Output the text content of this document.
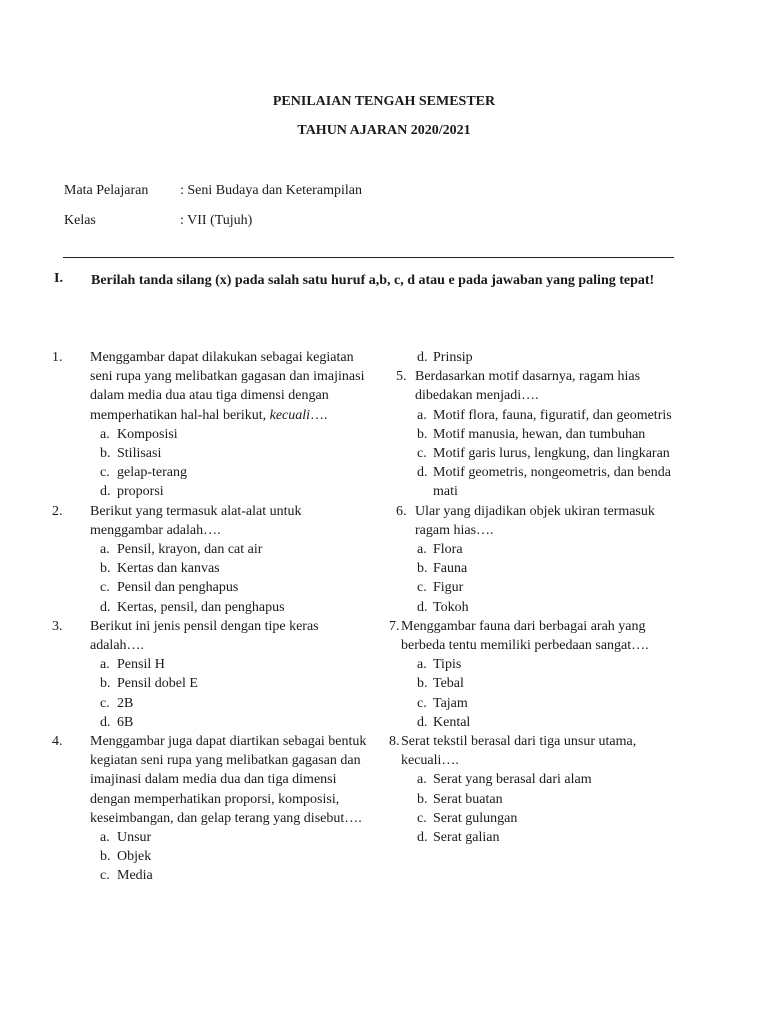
PENILAIAN TENGAH SEMESTER
TAHUN AJARAN 2020/2021
Mata Pelajaran : Seni Budaya dan Keterampilan
Kelas	: VII (Tujuh)
I. Berilah tanda silang (x) pada salah satu huruf a,b, c, d atau e pada jawaban yang paling tepat!
1. Menggambar dapat dilakukan sebagai kegiatan seni rupa yang melibatkan gagasan dan imajinasi dalam media dua atau tiga dimensi dengan memperhatikan hal-hal berikut, kecuali….
a. Komposisi
b. Stilisasi
c. gelap-terang
d. proporsi
2. Berikut yang termasuk alat-alat untuk menggambar adalah….
a. Pensil, krayon, dan cat air
b. Kertas dan kanvas
c. Pensil dan penghapus
d. Kertas, pensil, dan penghapus
3. Berikut ini jenis pensil dengan tipe keras adalah….
a. Pensil H
b. Pensil dobel E
c. 2B
d. 6B
4. Menggambar juga dapat diartikan sebagai bentuk kegiatan seni rupa yang melibatkan gagasan dan imajinasi dalam media dua dan tiga dimensi dengan memperhatikan proporsi, komposisi, keseimbangan, dan gelap terang yang disebut….
a. Unsur
b. Objek
c. Media
d. Prinsip
5. Berdasarkan motif dasarnya, ragam hias dibedakan menjadi….
a. Motif flora, fauna, figuratif, dan geometris
b. Motif manusia, hewan, dan tumbuhan
c. Motif garis lurus, lengkung, dan lingkaran
d. Motif geometris, nongeometris, dan benda mati
6. Ular yang dijadikan objek ukiran termasuk ragam hias….
a. Flora
b. Fauna
c. Figur
d. Tokoh
7. Menggambar fauna dari berbagai arah yang berbeda tentu memiliki perbedaan sangat….
a. Tipis
b. Tebal
c. Tajam
d. Kental
8. Serat tekstil berasal dari tiga unsur utama, kecuali….
a. Serat yang berasal dari alam
b. Serat buatan
c. Serat gulungan
d. Serat galian
